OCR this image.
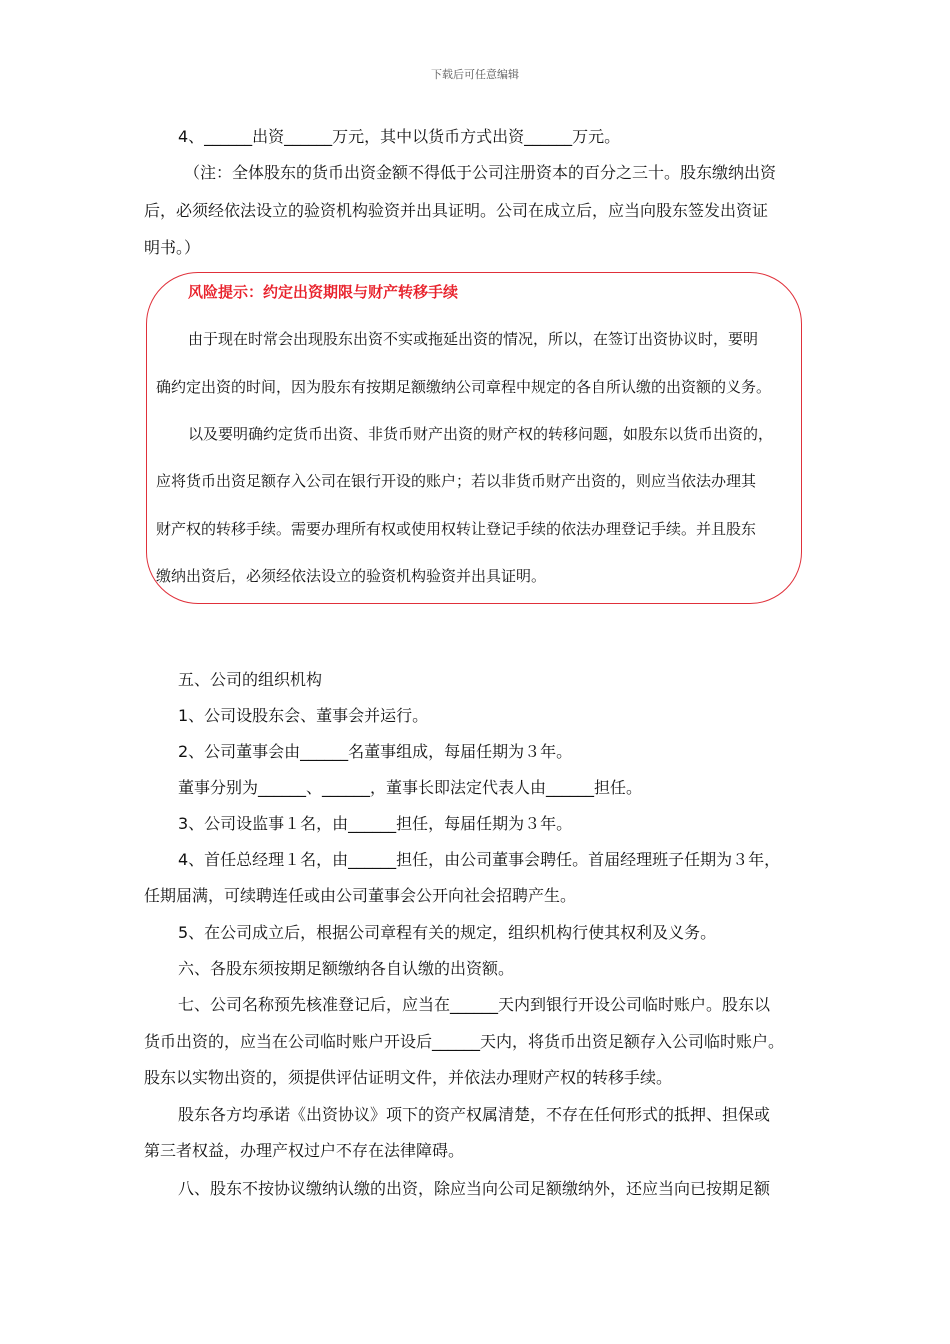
下载后可任意编辑
4、______出资______万元，其中以货币方式出资______万元。
（注：全体股东的货币出资金额不得低于公司注册资本的百分之三十。股东缴纳出资
后，必须经依法设立的验资机构验资并出具证明。公司在成立后，应当向股东签发出资证
明书。）
风险提示：约定出资期限与财产转移手续
由于现在时常会出现股东出资不实或拖延出资的情况，所以，在签订出资协议时，要明
确约定出资的时间，因为股东有按期足额缴纳公司章程中规定的各自所认缴的出资额的义务。
以及要明确约定货币出资、非货币财产出资的财产权的转移问题，如股东以货币出资的，
应将货币出资足额存入公司在银行开设的账户；若以非货币财产出资的，则应当依法办理其
财产权的转移手续。需要办理所有权或使用权转让登记手续的依法办理登记手续。并且股东
缴纳出资后，必须经依法设立的验资机构验资并出具证明。
五、公司的组织机构
1、公司设股东会、董事会并运行。
2、公司董事会由______名董事组成，每届任期为３年。
董事分别为______、______，董事长即法定代表人由______担任。
3、公司设监事１名，由______担任，每届任期为３年。
4、首任总经理１名，由______担任，由公司董事会聘任。首届经理班子任期为３年，
任期届满，可续聘连任或由公司董事会公开向社会招聘产生。
5、在公司成立后，根据公司章程有关的规定，组织机构行使其权利及义务。
六、各股东须按期足额缴纳各自认缴的出资额。
七、公司名称预先核准登记后，应当在______天内到银行开设公司临时账户。股东以
货币出资的，应当在公司临时账户开设后______天内，将货币出资足额存入公司临时账户。
股东以实物出资的，须提供评估证明文件，并依法办理财产权的转移手续。
股东各方均承诺《出资协议》项下的资产权属清楚，不存在任何形式的抵押、担保或
第三者权益，办理产权过户不存在法律障碍。
八、股东不按协议缴纳认缴的出资，除应当向公司足额缴纳外，还应当向已按期足额
